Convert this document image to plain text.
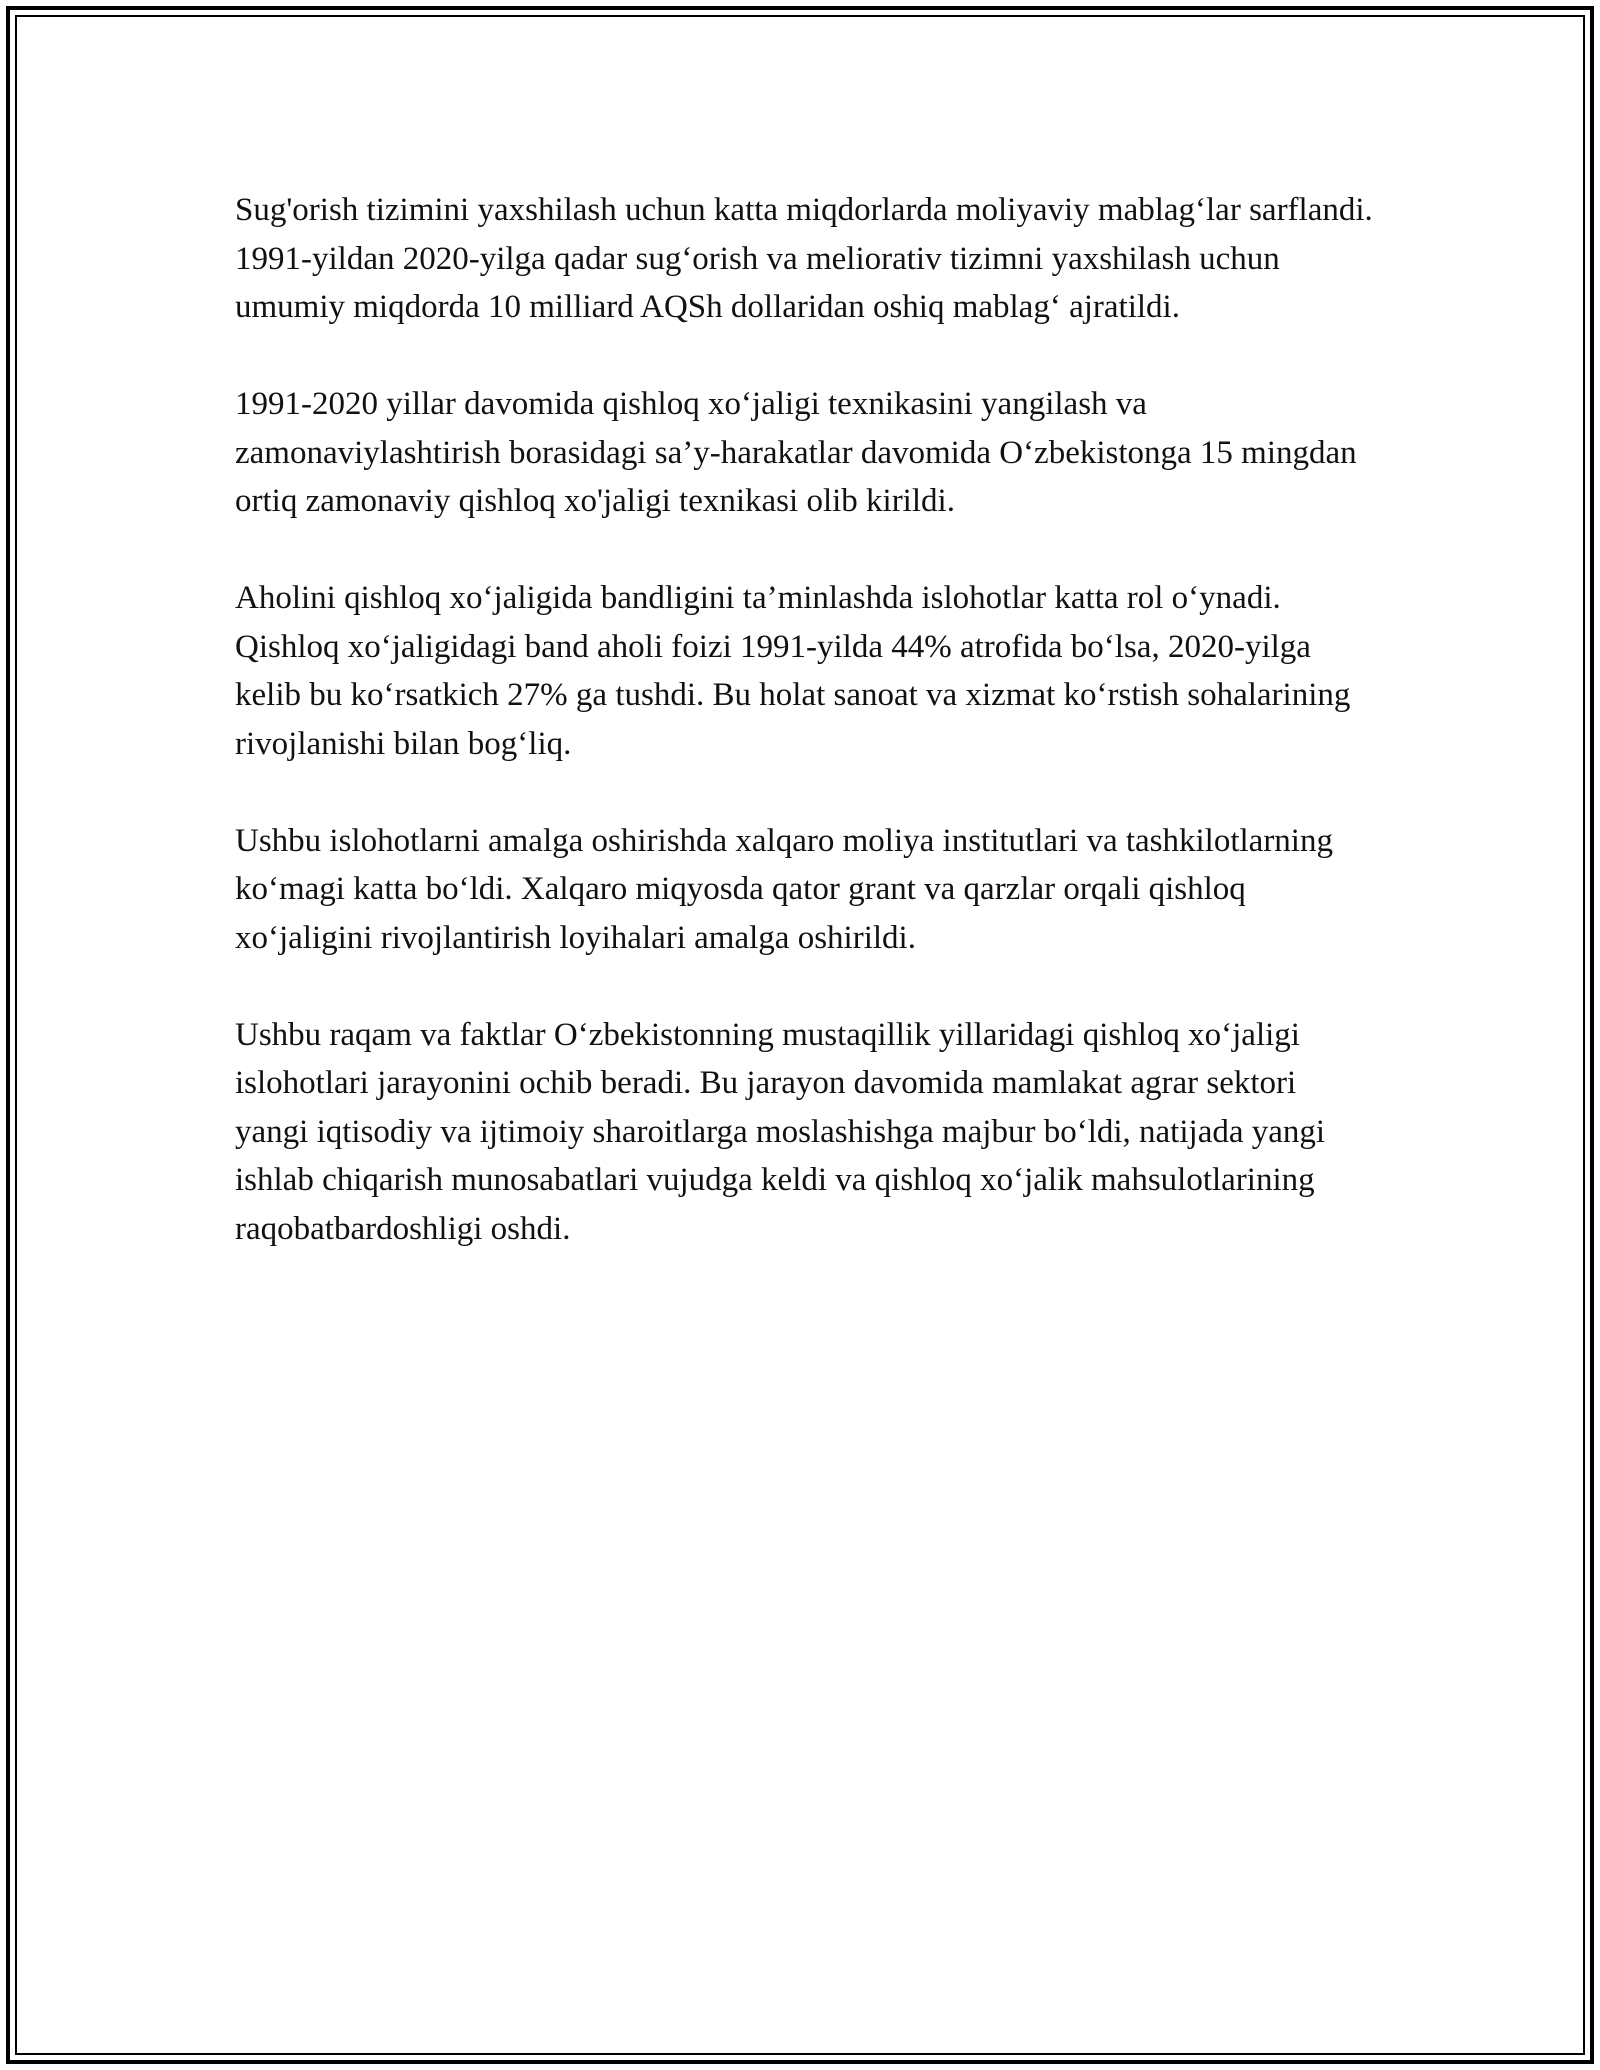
Sug'orish tizimini yaxshilash uchun katta miqdorlarda moliyaviy mablag‘lar sarflandi. 1991-yildan 2020-yilga qadar sug‘orish va meliorativ tizimni yaxshilash uchun umumiy miqdorda 10 milliard AQSh dollaridan oshiq mablag‘ ajratildi.

1991-2020 yillar davomida qishloq xo‘jaligi texnikasini yangilash va zamonaviylashtirish borasidagi sa’y-harakatlar davomida O‘zbekistonga 15 mingdan ortiq zamonaviy qishloq xo'jaligi texnikasi olib kirildi.

Aholini qishloq xo‘jaligida bandligini ta’minlashda islohotlar katta rol o‘ynadi. Qishloq xo‘jaligidagi band aholi foizi 1991-yilda 44% atrofida bo‘lsa, 2020-yilga kelib bu ko‘rsatkich 27% ga tushdi. Bu holat sanoat va xizmat ko‘rstish sohalarining rivojlanishi bilan bog‘liq.

Ushbu islohotlarni amalga oshirishda xalqaro moliya institutlari va tashkilotlarning ko‘magi katta bo‘ldi. Xalqaro miqyosda qator grant va qarzlar orqali qishloq xo‘jaligini rivojlantirish loyihalari amalga oshirildi.

Ushbu raqam va faktlar O‘zbekistonning mustaqillik yillaridagi qishloq xo‘jaligi islohotlari jarayonini ochib beradi. Bu jarayon davomida mamlakat agrar sektori yangi iqtisodiy va ijtimoiy sharoitlarga moslashishga majbur bo‘ldi, natijada yangi ishlab chiqarish munosabatlari vujudga keldi va qishloq xo‘jalik mahsulotlarining raqobatbardoshligi oshdi.
